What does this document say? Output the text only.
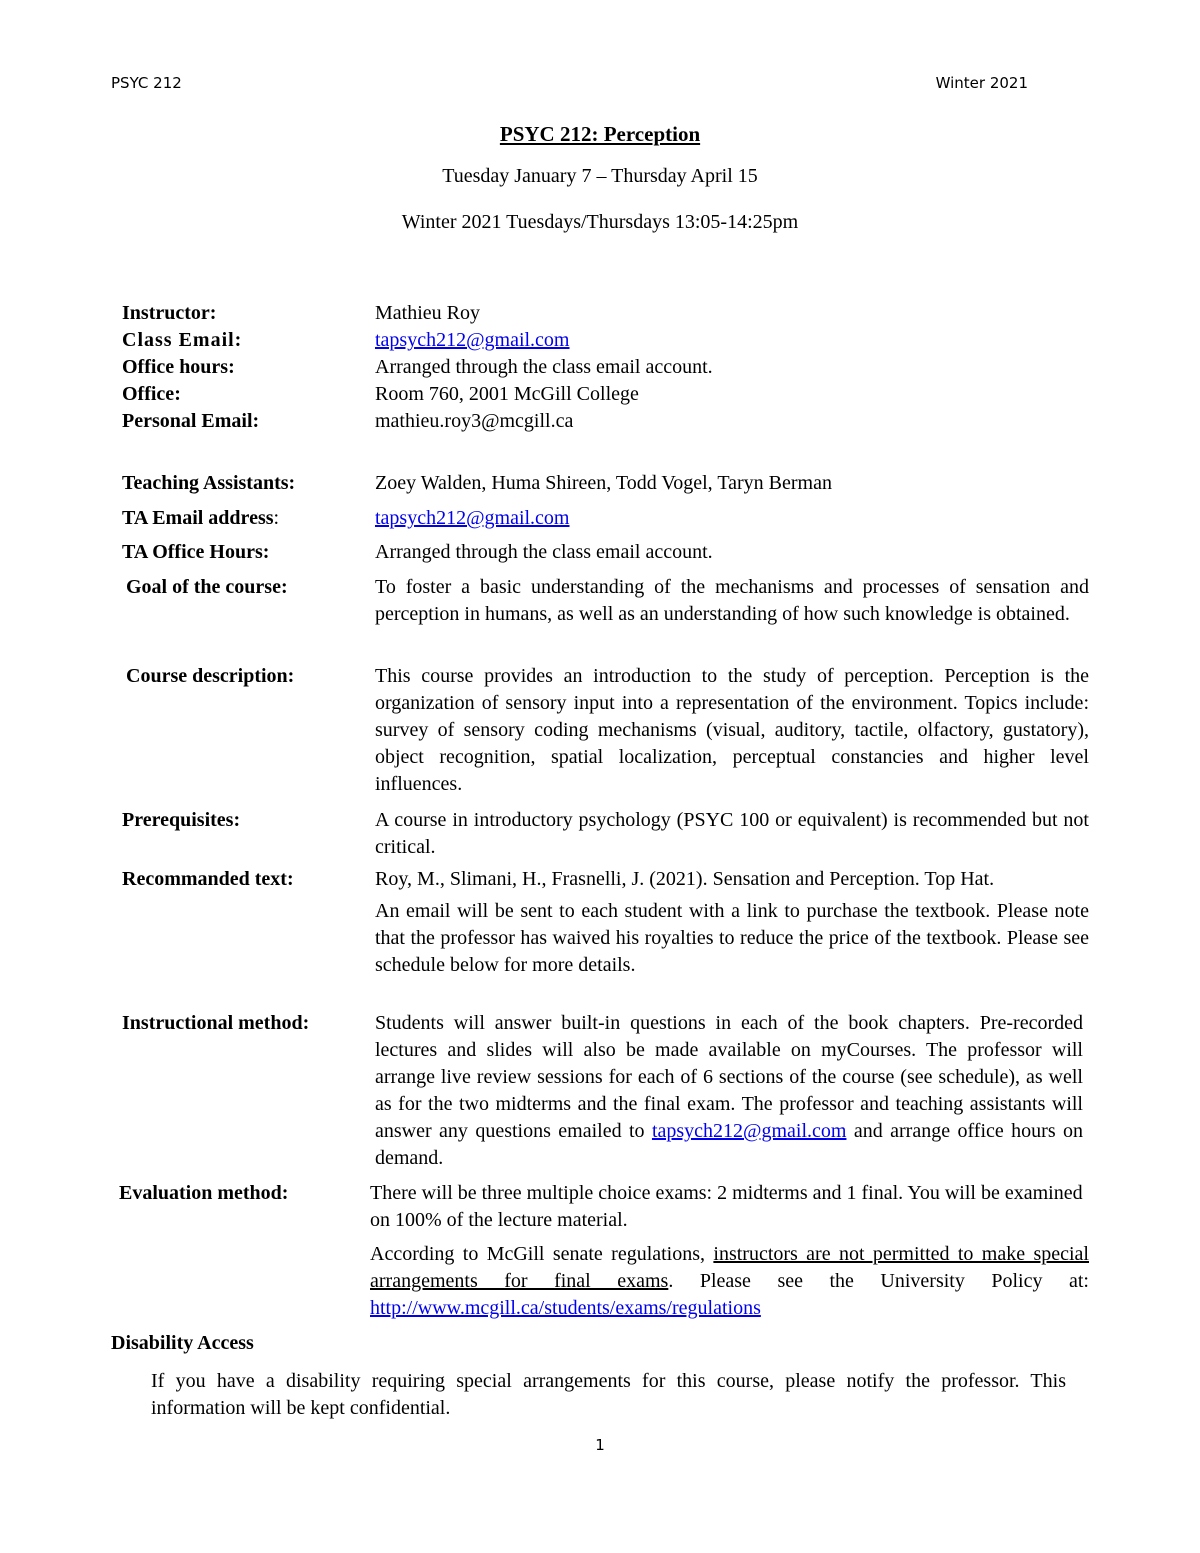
PSYC 212	Winter 2021
PSYC 212: Perception

Tuesday January 7 – Thursday April 15

Winter 2021 Tuesdays/Thursdays 13:05-14:25pm

Instructor:	Mathieu Roy
Class Email:	tapsych212@gmail.com
Office hours:	Arranged through the class email account.
Office:	Room 760, 2001 McGill College
Personal Email:	mathieu.roy3@mcgill.ca
Teaching Assistants:	Zoey Walden, Huma Shireen, Todd Vogel, Taryn Berman
TA Email address:	tapsych212@gmail.com
TA Office Hours:	Arranged through the class email account.
Goal of the course:	To foster a basic understanding of the mechanisms and processes of sensation and perception in humans, as well as an understanding of how such knowledge is obtained.
Course description:	This course provides an introduction to the study of perception. Perception is the organization of sensory input into a representation of the environment. Topics include: survey of sensory coding mechanisms (visual, auditory, tactile, olfactory, gustatory), object recognition, spatial localization, perceptual constancies and higher level influences.
Prerequisites:	A course in introductory psychology (PSYC 100 or equivalent) is recommended but not critical.
Recommanded text:	Roy, M., Slimani, H., Frasnelli, J. (2021). Sensation and Perception. Top Hat.

An email will be sent to each student with a link to purchase the textbook. Please note that the professor has waived his royalties to reduce the price of the textbook. Please see schedule below for more details.

Instructional method:	Students will answer built-in questions in each of the book chapters. Pre-recorded lectures and slides will also be made available on myCourses. The professor will arrange live review sessions for each of 6 sections of the course (see schedule), as well as for the two midterms and the final exam. The professor and teaching assistants will answer any questions emailed to tapsych212@gmail.com and arrange office hours on demand.
Evaluation method:	There will be three multiple choice exams: 2 midterms and 1 final. You will be examined on 100% of the lecture material.

According to McGill senate regulations, instructors are not permitted to make special arrangements for final exams. Please see the University Policy at: http://www.mcgill.ca/students/exams/regulations

Disability Access

If you have a disability requiring special arrangements for this course, please notify the professor. This information will be kept confidential.

1
